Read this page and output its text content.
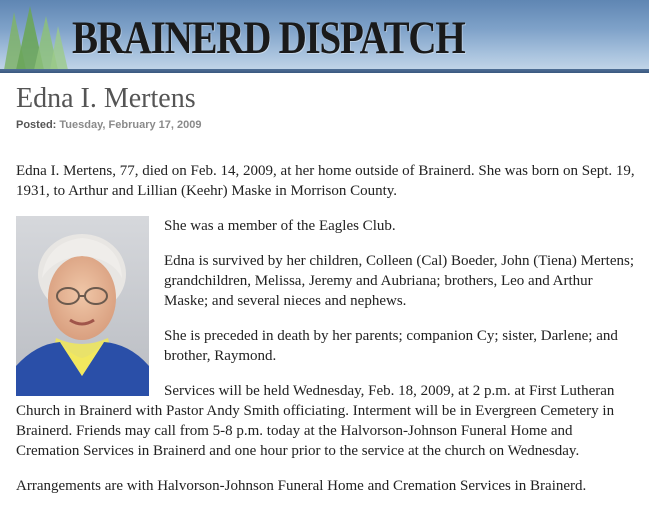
BRAINERD DISPATCH
Edna I. Mertens
Posted: Tuesday, February 17, 2009

Edna I. Mertens, 77, died on Feb. 14, 2009, at her home outside of Brainerd. She was born on Sept. 19, 1931, to Arthur and Lillian (Keehr) Maske in Morrison County.

She was a member of the Eagles Club.

Edna is survived by her children, Colleen (Cal) Boeder, John (Tiena) Mertens; grandchildren, Melissa, Jeremy and Aubriana; brothers, Leo and Arthur Maske; and several nieces and nephews.

She is preceded in death by her parents; companion Cy; sister, Darlene; and brother, Raymond.

Services will be held Wednesday, Feb. 18, 2009, at 2 p.m. at First Lutheran Church in Brainerd with Pastor Andy Smith officiating. Interment will be in Evergreen Cemetery in Brainerd. Friends may call from 5-8 p.m. today at the Halvorson-Johnson Funeral Home and Cremation Services in Brainerd and one hour prior to the service at the church on Wednesday.

Arrangements are with Halvorson-Johnson Funeral Home and Cremation Services in Brainerd.
